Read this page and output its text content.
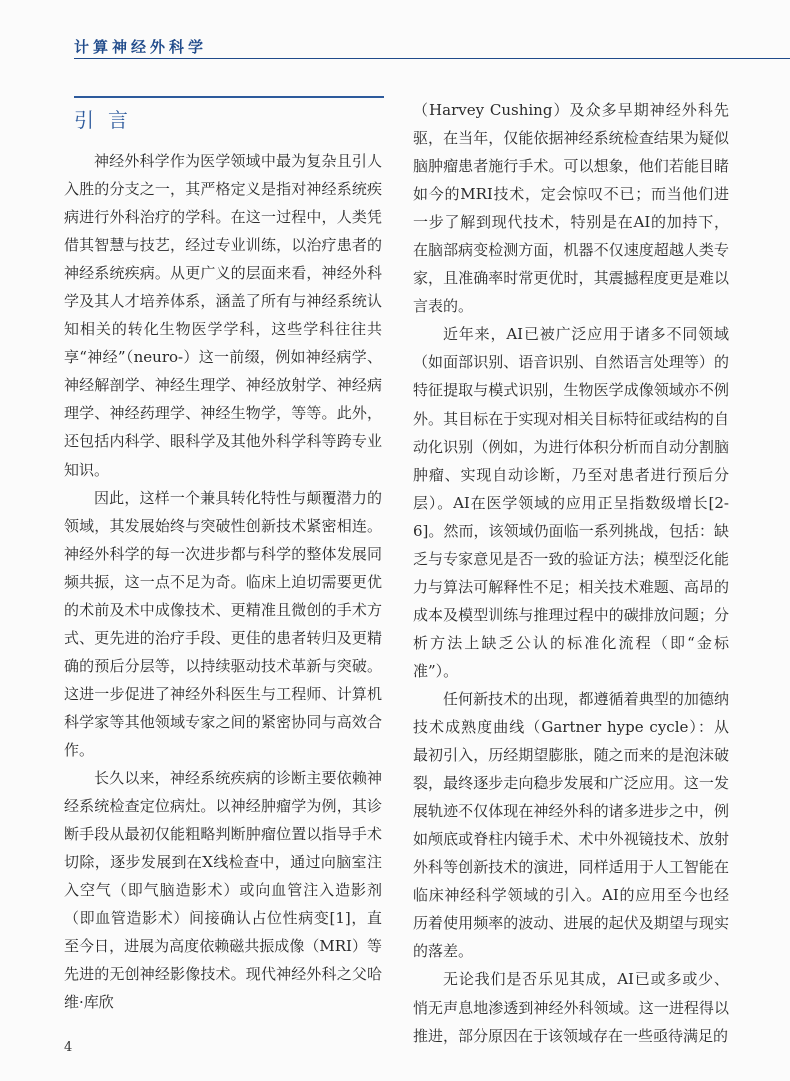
计算神经外科学
引言

神经外科学作为医学领域中最为复杂且引人入胜的分支之一，其严格定义是指对神经系统疾病进行外科治疗的学科。在这一过程中，人类凭借其智慧与技艺，经过专业训练，以治疗患者的神经系统疾病。从更广义的层面来看，神经外科学及其人才培养体系，涵盖了所有与神经系统认知相关的转化生物医学学科，这些学科往往共享“神经”（neuro-）这一前缀，例如神经病学、神经解剖学、神经生理学、神经放射学、神经病理学、神经药理学、神经生物学，等等。此外，还包括内科学、眼科学及其他外科学科等跨专业知识。

因此，这样一个兼具转化特性与颠覆潜力的领域，其发展始终与突破性创新技术紧密相连。神经外科学的每一次进步都与科学的整体发展同频共振，这一点不足为奇。临床上迫切需要更优的术前及术中成像技术、更精准且微创的手术方式、更先进的治疗手段、更佳的患者转归及更精确的预后分层等，以持续驱动技术革新与突破。这进一步促进了神经外科医生与工程师、计算机科学家等其他领域专家之间的紧密协同与高效合作。

长久以来，神经系统疾病的诊断主要依赖神经系统检查定位病灶。以神经肿瘤学为例，其诊断手段从最初仅能粗略判断肿瘤位置以指导手术切除，逐步发展到在X线检查中，通过向脑室注入空气（即气脑造影术）或向血管注入造影剂（即血管造影术）间接确认占位性病变[1]，直至今日，进展为高度依赖磁共振成像（MRI）等先进的无创神经影像技术。现代神经外科之父哈维·库欣

（Harvey Cushing）及众多早期神经外科先驱，在当年，仅能依据神经系统检查结果为疑似脑肿瘤患者施行手术。可以想象，他们若能目睹如今的MRI技术，定会惊叹不已；而当他们进一步了解到现代技术，特别是在AI的加持下，在脑部病变检测方面，机器不仅速度超越人类专家，且准确率时常更优时，其震撼程度更是难以言表的。

近年来，AI已被广泛应用于诸多不同领域（如面部识别、语音识别、自然语言处理等）的特征提取与模式识别，生物医学成像领域亦不例外。其目标在于实现对相关目标特征或结构的自动化识别（例如，为进行体积分析而自动分割脑肿瘤、实现自动诊断，乃至对患者进行预后分层）。AI在医学领域的应用正呈指数级增长[2-6]。然而，该领域仍面临一系列挑战，包括：缺乏与专家意见是否一致的验证方法；模型泛化能力与算法可解释性不足；相关技术难题、高昂的成本及模型训练与推理过程中的碳排放问题；分析方法上缺乏公认的标准化流程（即“金标准”）。

任何新技术的出现，都遵循着典型的加德纳技术成熟度曲线（Gartner hype cycle）：从最初引入，历经期望膨胀，随之而来的是泡沫破裂，最终逐步走向稳步发展和广泛应用。这一发展轨迹不仅体现在神经外科的诸多进步之中，例如颅底或脊柱内镜手术、术中外视镜技术、放射外科等创新技术的演进，同样适用于人工智能在临床神经科学领域的引入。AI的应用至今也经历着使用频率的波动、进展的起伏及期望与现实的落差。

无论我们是否乐见其成，AI已或多或少、悄无声息地渗透到神经外科领域。这一进程得以推进，部分原因在于该领域存在一些亟待满足的

4
